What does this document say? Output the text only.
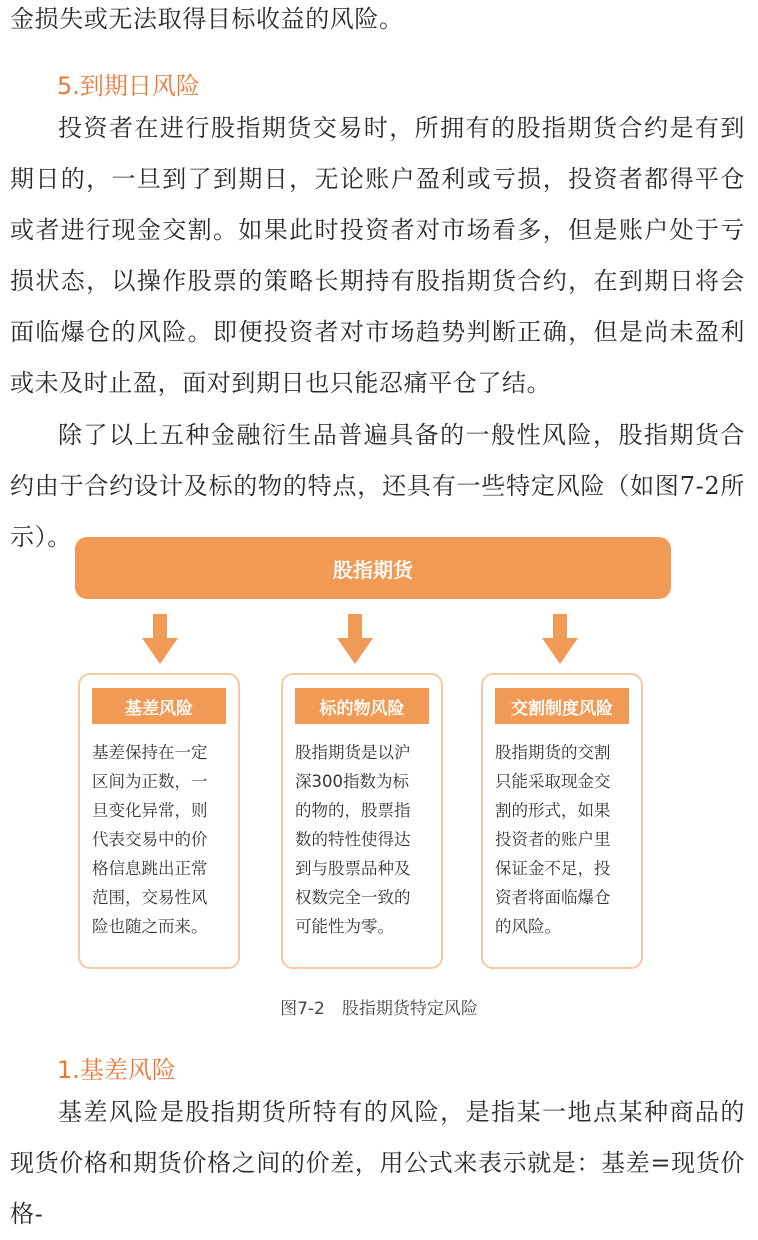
金损失或无法取得目标收益的风险。

5.到期日风险

投资者在进行股指期货交易时，所拥有的股指期货合约是有到期日的，一旦到了到期日，无论账户盈利或亏损，投资者都得平仓或者进行现金交割。如果此时投资者对市场看多，但是账户处于亏损状态，以操作股票的策略长期持有股指期货合约，在到期日将会面临爆仓的风险。即便投资者对市场趋势判断正确，但是尚未盈利或未及时止盈，面对到期日也只能忍痛平仓了结。

除了以上五种金融衍生品普遍具备的一般性风险，股指期货合约由于合约设计及标的物的特点，还具有一些特定风险（如图7-2所示）。

股指期货
基差风险
基差保持在一定
区间为正数，一
旦变化异常，则
代表交易中的价
格信息跳出正常
范围，交易性风
险也随之而来。
标的物风险
股指期货是以沪
深300指数为标
的物的，股票指
数的特性使得达
到与股票品种及
权数完全一致的
可能性为零。
交割制度风险
股指期货的交割
只能采取现金交
割的形式，如果
投资者的账户里
保证金不足，投
资者将面临爆仓
的风险。

图7-2　股指期货特定风险

1.基差风险

基差风险是股指期货所特有的风险，是指某一地点某种商品的现货价格和期货价格之间的价差，用公式来表示就是：基差=现货价格-
